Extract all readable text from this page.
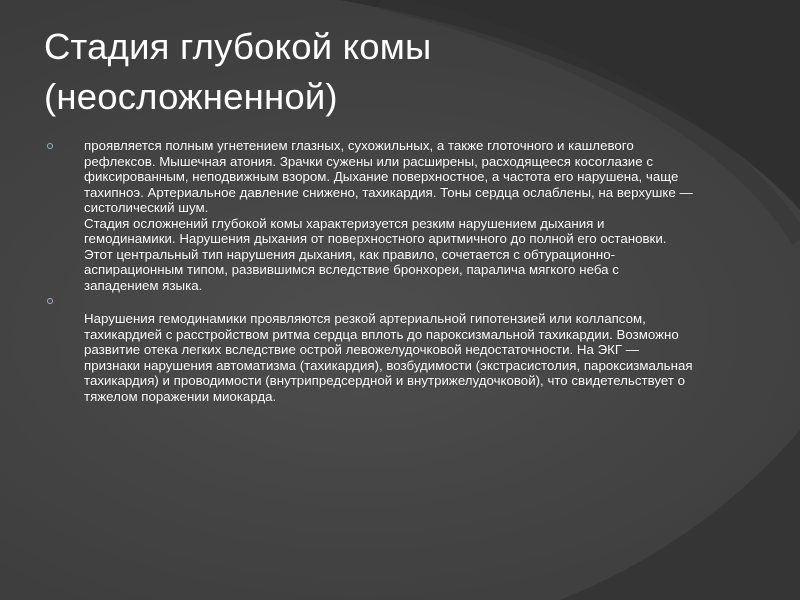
Стадия глубокой комы
(неосложненной)

проявляется полным угнетением глазных, сухожильных, а также глоточного и кашлевого рефлексов. Мышечная атония. Зрачки сужены или расширены, расходящееся косоглазие с фиксированным, неподвижным взором. Дыхание поверхностное, а частота его нарушена, чаще тахипноэ. Артериальное давление снижено, тахикардия. Тоны сердца ослаблены, на верхушке — систолический шум.

Стадия осложнений глубокой комы характеризуется резким нарушением дыхания и гемодинамики. Нарушения дыхания от поверхностного аритмичного до полной его остановки. Этот центральный тип нарушения дыхания, как правило, сочетается с обтурационно-аспирационным типом, развившимся вследствие бронхореи, паралича мягкого неба с западением языка.

Нарушения гемодинамики проявляются резкой артериальной гипотензией или коллапсом, тахикардией с расстройством ритма сердца вплоть до пароксизмальной тахикардии. Возможно развитие отека легких вследствие острой левожелудочковой недостаточности. На ЭКГ — признаки нарушения автоматизма (тахикардия), возбудимости (экстрасистолия, пароксизмальная тахикардия) и проводимости (внутрипредсердной и внутрижелудочковой), что свидетельствует о тяжелом поражении миокарда.
